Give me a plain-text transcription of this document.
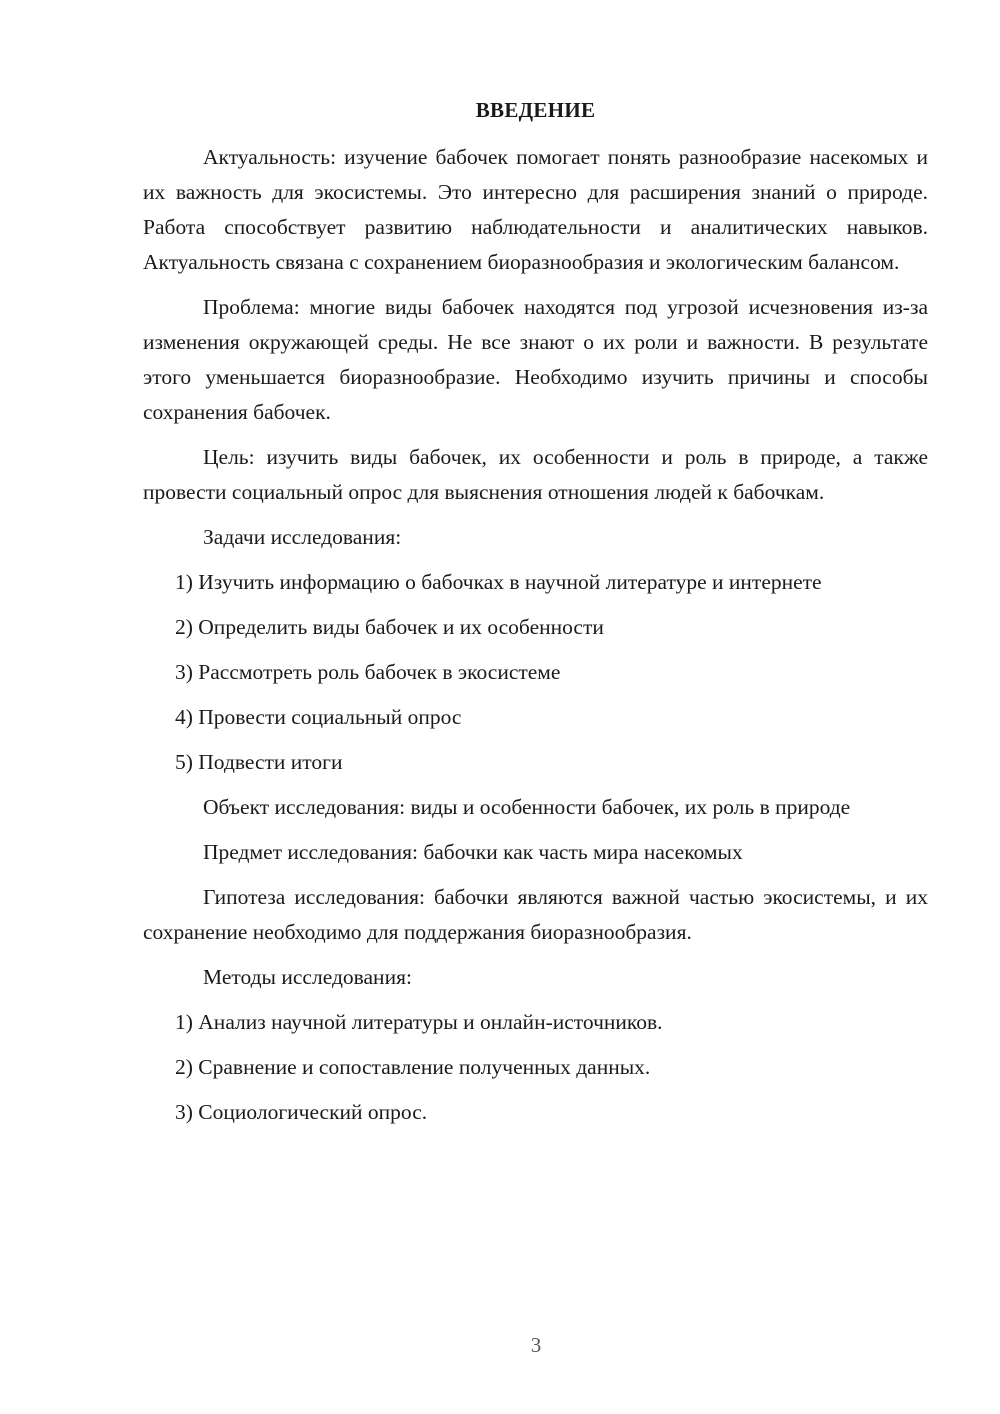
ВВЕДЕНИЕ

Актуальность: изучение бабочек помогает понять разнообразие насекомых и их важность для экосистемы. Это интересно для расширения знаний о природе. Работа способствует развитию наблюдательности и аналитических навыков. Актуальность связана с сохранением биоразнообразия и экологическим балансом.

Проблема: многие виды бабочек находятся под угрозой исчезновения из-за изменения окружающей среды. Не все знают о их роли и важности. В результате этого уменьшается биоразнообразие. Необходимо изучить причины и способы сохранения бабочек.

Цель: изучить виды бабочек, их особенности и роль в природе, а также провести социальный опрос для выяснения отношения людей к бабочкам.

Задачи исследования:
1) Изучить информацию о бабочках в научной литературе и интернете
2) Определить виды бабочек и их особенности
3) Рассмотреть роль бабочек в экосистеме
4) Провести социальный опрос
5) Подвести итоги

Объект исследования: виды и особенности бабочек, их роль в природе

Предмет исследования: бабочки как часть мира насекомых

Гипотеза исследования: бабочки являются важной частью экосистемы, и их сохранение необходимо для поддержания биоразнообразия.

Методы исследования:
1) Анализ научной литературы и онлайн-источников.
2) Сравнение и сопоставление полученных данных.
3) Социологический опрос.
3
